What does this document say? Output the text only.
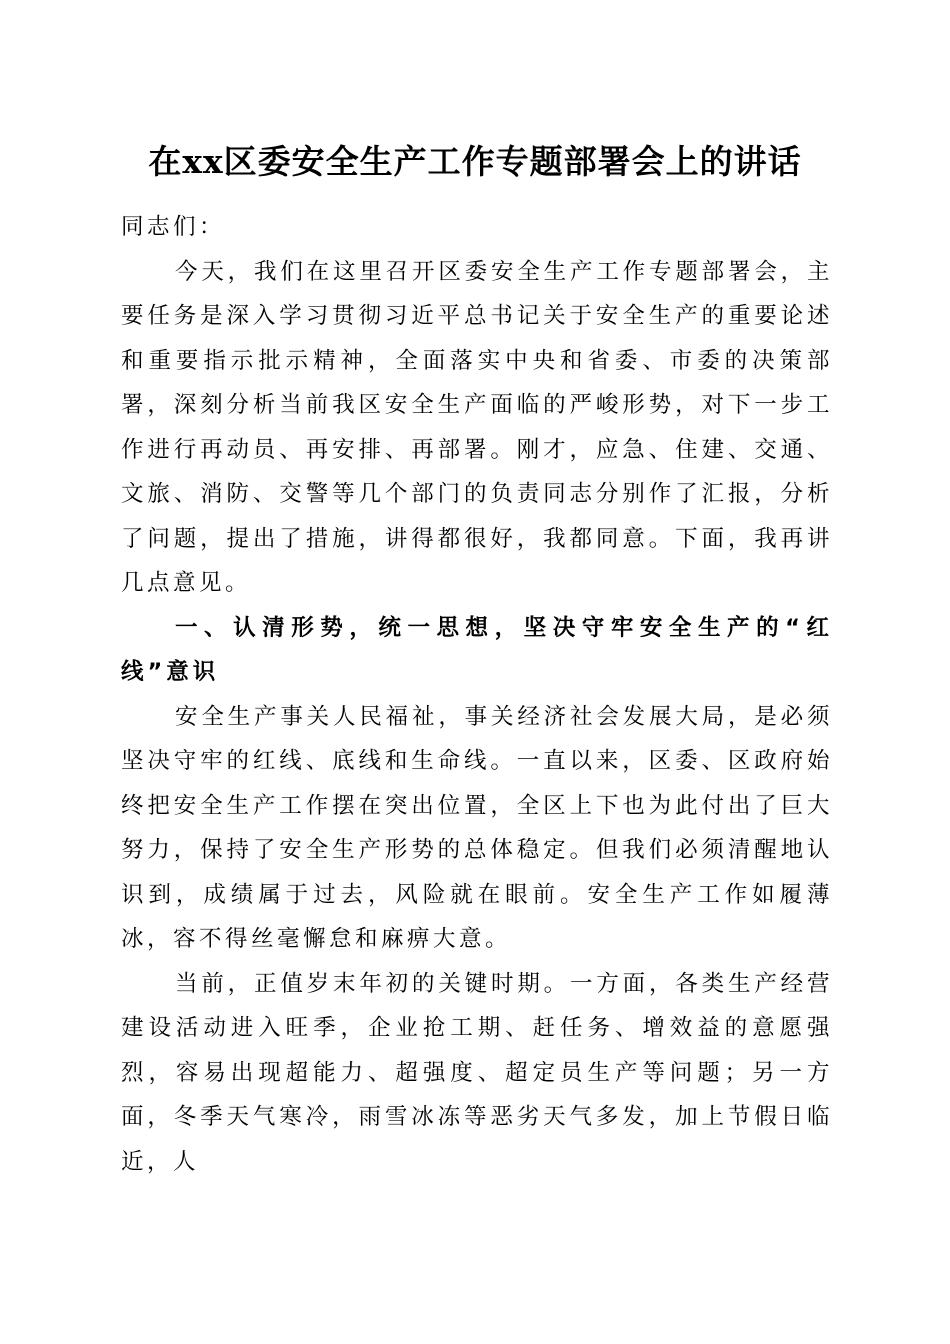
在xx区委安全生产工作专题部署会上的讲话

同志们：

今天，我们在这里召开区委安全生产工作专题部署会，主要任务是深入学习贯彻习近平总书记关于安全生产的重要论述和重要指示批示精神，全面落实中央和省委、市委的决策部署，深刻分析当前我区安全生产面临的严峻形势，对下一步工作进行再动员、再安排、再部署。刚才，应急、住建、交通、文旅、消防、交警等几个部门的负责同志分别作了汇报，分析了问题，提出了措施，讲得都很好，我都同意。下面，我再讲几点意见。

一、认清形势，统一思想，坚决守牢安全生产的“红线”意识

安全生产事关人民福祉，事关经济社会发展大局，是必须坚决守牢的红线、底线和生命线。一直以来，区委、区政府始终把安全生产工作摆在突出位置，全区上下也为此付出了巨大努力，保持了安全生产形势的总体稳定。但我们必须清醒地认识到，成绩属于过去，风险就在眼前。安全生产工作如履薄冰，容不得丝毫懈怠和麻痹大意。

当前，正值岁末年初的关键时期。一方面，各类生产经营建设活动进入旺季，企业抢工期、赶任务、增效益的意愿强烈，容易出现超能力、超强度、超定员生产等问题；另一方面，冬季天气寒冷，雨雪冰冻等恶劣天气多发，加上节假日临近，人
